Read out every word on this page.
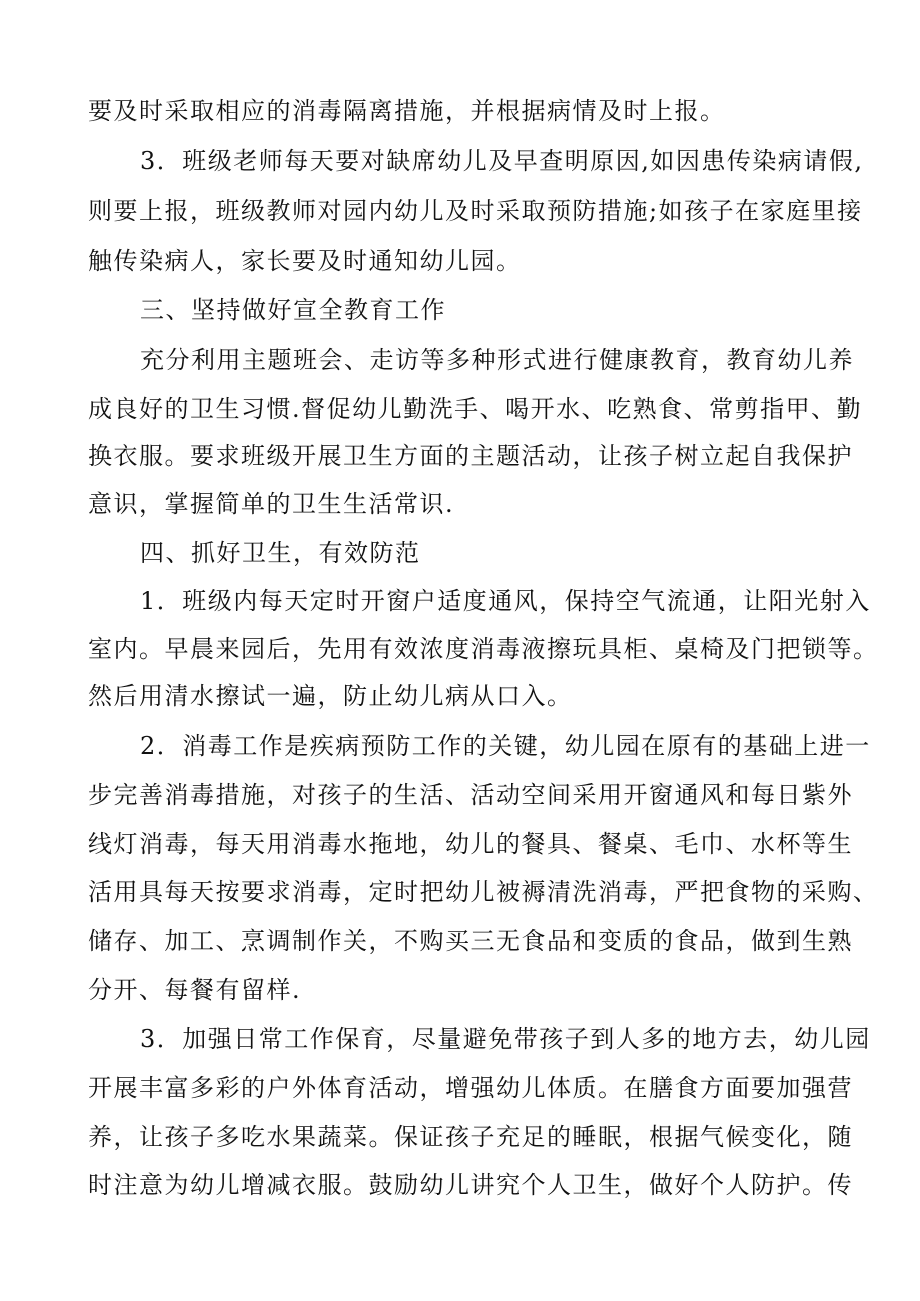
要及时采取相应的消毒隔离措施，并根据病情及时上报。
3．班级老师每天要对缺席幼儿及早查明原因,如因患传染病请假,
则要上报，班级教师对园内幼儿及时采取预防措施;如孩子在家庭里接
触传染病人，家长要及时通知幼儿园。
三、坚持做好宣全教育工作
充分利用主题班会、走访等多种形式进行健康教育，教育幼儿养
成良好的卫生习惯.督促幼儿勤洗手、喝开水、吃熟食、常剪指甲、勤
换衣服。要求班级开展卫生方面的主题活动，让孩子树立起自我保护
意识，掌握简单的卫生生活常识.
四、抓好卫生，有效防范
1．班级内每天定时开窗户适度通风，保持空气流通，让阳光射入
室内。早晨来园后，先用有效浓度消毒液擦玩具柜、桌椅及门把锁等。
然后用清水擦试一遍，防止幼儿病从口入。
2．消毒工作是疾病预防工作的关键，幼儿园在原有的基础上进一
步完善消毒措施，对孩子的生活、活动空间采用开窗通风和每日紫外
线灯消毒，每天用消毒水拖地，幼儿的餐具、餐桌、毛巾、水杯等生
活用具每天按要求消毒，定时把幼儿被褥清洗消毒，严把食物的采购、
储存、加工、烹调制作关，不购买三无食品和变质的食品，做到生熟
分开、每餐有留样.
3．加强日常工作保育，尽量避免带孩子到人多的地方去，幼儿园
开展丰富多彩的户外体育活动，增强幼儿体质。在膳食方面要加强营
养，让孩子多吃水果蔬菜。保证孩子充足的睡眠，根据气候变化，随
时注意为幼儿增减衣服。鼓励幼儿讲究个人卫生，做好个人防护。传
